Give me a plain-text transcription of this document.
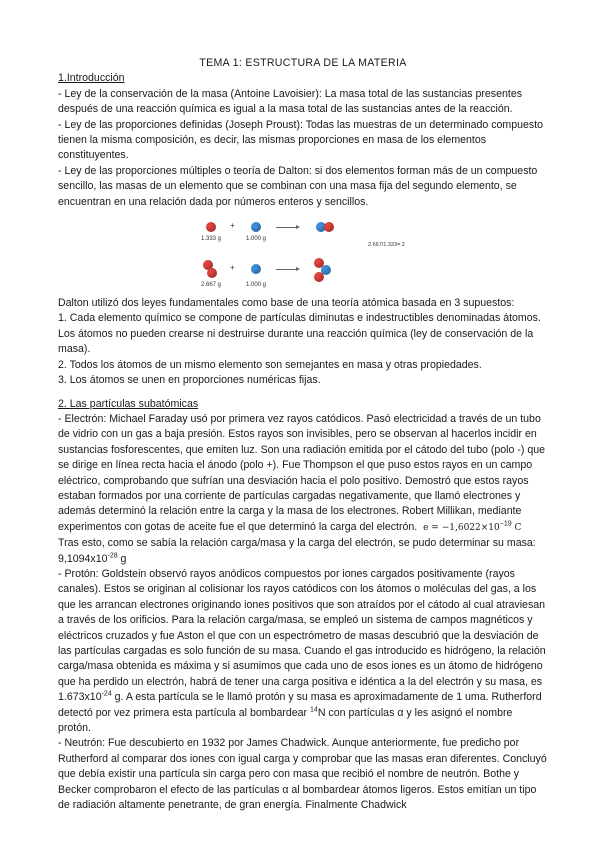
TEMA 1: ESTRUCTURA DE LA MATERIA

1.Introducción

- Ley de la conservación de la masa (Antoine Lavoisier): La masa total de las sustancias presentes después de una reacción química es igual a la masa total de las sustancias antes de la reacción.

- Ley de las proporciones definidas (Joseph Proust): Todas las muestras de un determinado compuesto tienen la misma composición, es decir, las mismas proporciones en masa de los elementos constituyentes.

- Ley de las proporciones múltiples o teoría de Dalton: si dos elementos forman más de un compuesto sencillo, las masas de un elemento que se combinan con una masa fija del segundo elemento, se encuentran en una relación dada por números enteros y sencillos.

1.333 g
+
1.000 g
2.667 g
+
1.000 g
2.667/1.333= 2

Dalton utilizó dos leyes fundamentales como base de una teoría atómica basada en 3 supuestos:

1. Cada elemento químico se compone de partículas diminutas e indestructibles denominadas átomos. Los átomos no pueden crearse ni destruirse durante una reacción química (ley de conservación de la masa).

2. Todos los átomos de un mismo elemento son semejantes en masa y otras propiedades.

3. Los átomos se unen en proporciones numéricas fijas.

2. Las partículas subatómicas

- Electrón: Michael Faraday usó por primera vez rayos catódicos. Pasó electricidad a través de un tubo de vidrio con un gas a baja presión. Estos rayos son invisibles, pero se observan al hacerlos incidir en sustancias fosforescentes, que emiten luz. Son una radiación emitida por el cátodo del tubo (polo -) que se dirige en línea recta hacia el ánodo (polo +). Fue Thompson el que puso estos rayos en un campo eléctrico, comprobando que sufrían una desviación hacia el polo positivo. Demostró que estos rayos estaban formados por una corriente de partículas cargadas negativamente, que llamó electrones y además determinó la relación entre la carga y la masa de los electrones. Robert Millikan, mediante experimentos con gotas de aceite fue el que determinó la carga del electrón. $e = -1,6022\times 10^{-19}$ C

Tras esto, como se sabía la relación carga/masa y la carga del electrón, se pudo determinar su masa: $9,1094x10^{-28}$ g

- Protón: Goldstein observó rayos anódicos compuestos por iones cargados positivamente (rayos canales). Estos se originan al colisionar los rayos catódicos con los átomos o moléculas del gas, a los que les arrancan electrones originando iones positivos que son atraídos por el cátodo al cual atraviesan a través de los orificios. Para la relación carga/masa, se empleó un sistema de campos magnéticos y eléctricos cruzados y fue Aston el que con un espectrómetro de masas descubrió que la desviación de las partículas cargadas es solo función de su masa. Cuando el gas introducido es hidrógeno, la relación carga/masa obtenida es máxima y si asumimos que cada uno de esos iones es un átomo de hidrógeno que ha perdido un electrón, habrá de tener una carga positiva e idéntica a la del electrón y su masa, es $1.673x10^{-24}$ g. A esta partícula se le llamó protón y su masa es aproximadamente de 1 uma. Rutherford detectó por vez primera esta partícula al bombardear $^{14}$N con partículas α y les asignó el nombre protón.

- Neutrón: Fue descubierto en 1932 por James Chadwick. Aunque anteriormente, fue predicho por Rutherford al comparar dos iones con igual carga y comprobar que las masas eran diferentes. Concluyó que debía existir una partícula sin carga pero con masa que recibió el nombre de neutrón. Bothe y Becker comprobaron el efecto de las partículas α al bombardear átomos ligeros. Estos emitían un tipo de radiación altamente penetrante, de gran energía. Finalmente Chadwick
